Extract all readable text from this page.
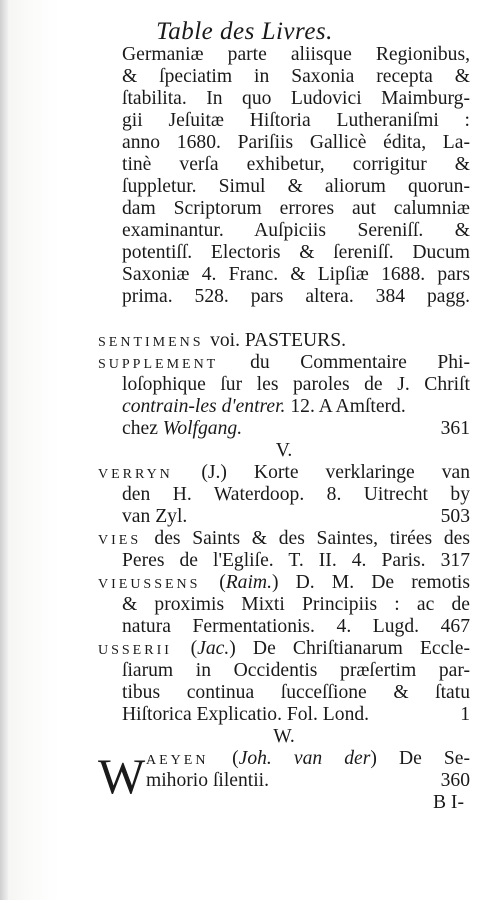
Table des Livres.
W
Germaniæ parte aliisque Regionibus,
& ſpeciatim in Saxonia recepta &
ſtabilita. In quo Ludovici Maimburg-
gii Jeſuitæ Hiſtoria Lutheraniſmi :
anno 1680. Pariſiis Gallicè édita, La-
tinè verſa exhibetur, corrigitur &
ſuppletur. Simul & aliorum quorun-
dam Scriptorum errores aut calumniæ
examinantur. Auſpiciis Sereniſſ. &
potentiſſ. Electoris & ſereniſſ. Ducum
Saxoniæ 4. Franc. & Lipſiæ 1688. pars
prima. 528. pars altera. 384 pagg.
SENTIMENS voi. PASTEURS.
SUPPLEMENT du Commentaire Phi-
loſophique ſur les paroles de J. Chriſt
contrain-les d'entrer. 12. A Amſterd.
chez Wolfgang.	361
V.
VERRYN (J.) Korte verklaringe van
den H. Waterdoop. 8. Uitrecht by
van Zyl.	503
VIES des Saints & des Saintes, tirées des
Peres de l'Egliſe. T. II. 4. Paris. 317
VIEUSSENS (Raim.) D. M. De remotis
& proximis Mixti Principiis : ac de
natura Fermentationis. 4. Lugd. 467
USSERII (Jac.) De Chriſtianarum Eccle-
ſiarum in Occidentis præſertim par-
tibus continua ſucceſſione & ſtatu
Hiſtorica Explicatio. Fol. Lond.	1
W.
AEYEN (Joh. van der) De Se-
mihorio ſilentii.	360
B I-
